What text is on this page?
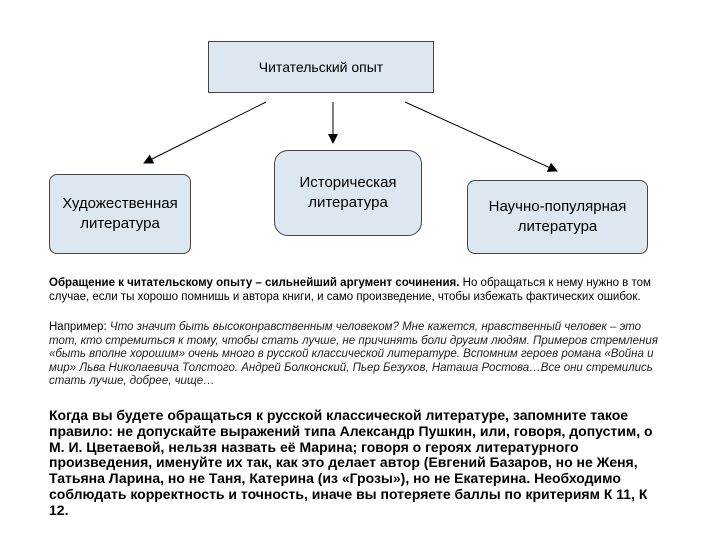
Читательский опыт
Художественная
литература
Историческая
литература	Научно-популярная
литература
Обращение к читательскому опыту – сильнейший аргумент сочинения. Но обращаться к нему нужно в том случае, если ты хорошо помнишь и автора книги, и само произведение, чтобы избежать фактических ошибок.
Например: Что значит быть высоконравственным человеком? Мне кажется, нравственный человек – это тот, кто стремиться к тому, чтобы стать лучше, не причинять боли другим людям. Примеров стремления «быть вполне хорошим» очень много в русской классической литературе. Вспомним героев романа «Война и мир» Льва Николаевича Толстого. Андрей Болконский, Пьер Безухов, Наташа Ростова…Все они стремились стать лучше, добрее, чище…
Когда вы будете обращаться к русской классической литературе, запомните такое правило: не допускайте выражений типа Александр Пушкин, или, говоря, допустим, о М. И. Цветаевой, нельзя назвать её Марина; говоря о героях литературного произведения, именуйте их так, как это делает автор (Евгений Базаров, но не Женя, Татьяна Ларина, но не Таня, Катерина (из «Грозы»), но не Екатерина. Необходимо соблюдать корректность и точность, иначе вы потеряете баллы по критериям К 11, К 12.
